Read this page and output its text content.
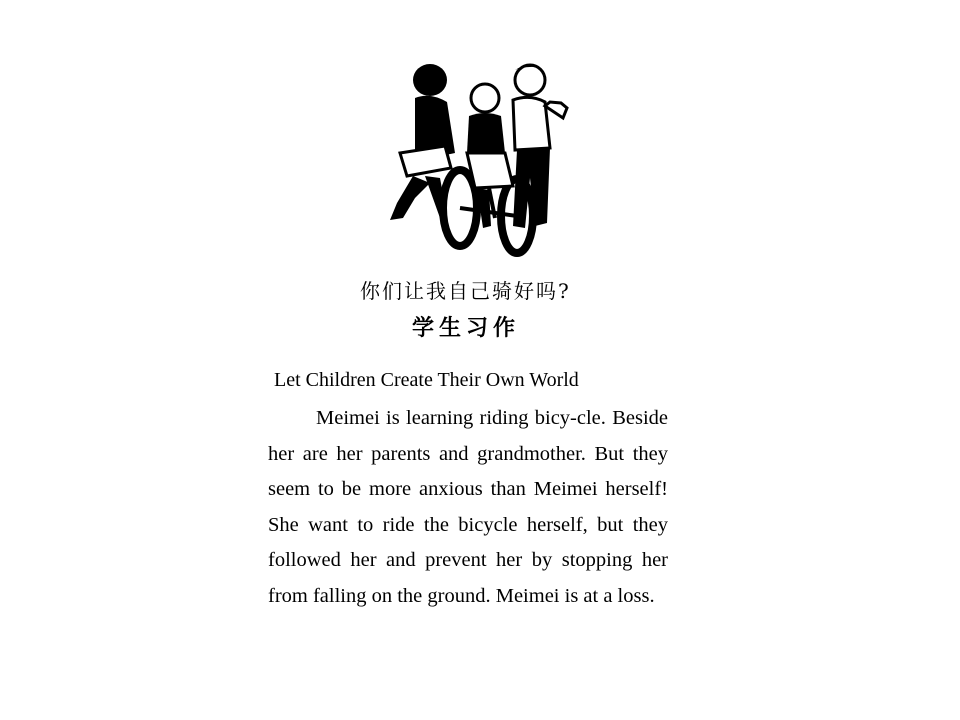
你们让我自己骑好吗?
学生习作
Let Children Create Their Own World

Meimei is learning riding bicy-cle. Beside her are her parents and grandmother. But they seem to be more anxious than Meimei herself! She want to ride the bicycle herself, but they followed her and prevent her by stopping her from falling on the ground. Meimei is at a loss.
